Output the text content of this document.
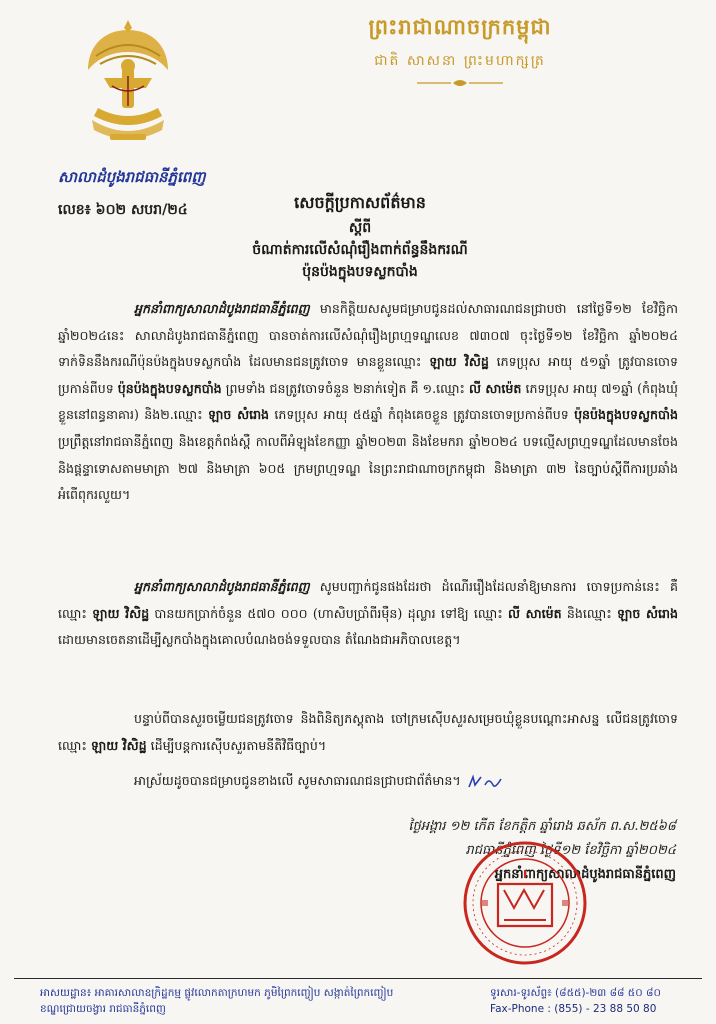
ព្រះរាជាណាចក្រកម្ពុជា
ជាតិ សាសនា ព្រះមហាក្សត្រ
សាលាដំបូងរាជធានីភ្នំពេញ
លេខ៖ ៦០២ សបរា/២៤	សេចក្ដីប្រកាសព័ត៌មាន
ស្ដីពី
ចំណាត់ការលើសំណុំរឿងពាក់ព័ន្ធនឹងករណី
ប៉ុនប៉ងក្នុងបទស្លកបាំង
អ្នកនាំពាក្យសាលាដំបូងរាជធានីភ្នំពេញ មានកិត្តិយសសូមជម្រាបជូនដល់សាធារណជនជ្រាបថា នៅថ្ងៃទី១២ ខែវិច្ឆិកា ឆ្នាំ២០២៤នេះ សាលាដំបូងរាជធានីភ្នំពេញ បានចាត់ការលើសំណុំរឿងព្រហ្មទណ្ឌលេខ ៧៣០៧ ចុះថ្ងៃទី១២ ខែវិច្ឆិកា ឆ្នាំ២០២៤ ទាក់ទិននឹងករណីប៉ុនប៉ងក្នុងបទស្លកបាំង ដែលមានជនត្រូវចោទ មានខ្លួនឈ្មោះ ឡាយ វិសិដ្ឋ ភេទប្រុស អាយុ ៥១ឆ្នាំ ត្រូវបានចោទប្រកាន់ពីបទ ប៉ុនប៉ងក្នុងបទស្លកបាំង ព្រមទាំង ជនត្រូវចោទចំនួន ២នាក់ទៀត គឺ ១.ឈ្មោះ លី សាម៉េត ភេទប្រុស អាយុ ៧១ឆ្នាំ (កំពុងឃុំខ្លួននៅពន្ធនាគារ) និង២.ឈ្មោះ ឡាច សំរោង ភេទប្រុស អាយុ ៥៥ឆ្នាំ កំពុងគេចខ្លួន ត្រូវបានចោទប្រកាន់ពីបទ ប៉ុនប៉ងក្នុងបទស្លកបាំង ប្រព្រឹត្តនៅរាជធានីភ្នំពេញ និងខេត្តកំពង់ស្ពឺ កាលពីអំឡុងខែកញ្ញា ឆ្នាំ២០២៣ និងខែមករា ឆ្នាំ២០២៤ បទល្មើសព្រហ្មទណ្ឌដែលមានចែង និងផ្ដន្ទាទោសតាមមាត្រា ២៧ និងមាត្រា ៦០៥ ក្រមព្រហ្មទណ្ឌ នៃព្រះរាជាណាចក្រកម្ពុជា និងមាត្រា ៣២ នៃច្បាប់ស្ដីពីការប្រឆាំងអំពើពុករលួយ។
អ្នកនាំពាក្យសាលាដំបូងរាជធានីភ្នំពេញ សូមបញ្ជាក់ជូនផងដែរថា ដំណើររឿងដែលនាំឱ្យមានការ ចោទប្រកាន់នេះ គឺ ឈ្មោះ ឡាយ វិសិដ្ឋ បានយកប្រាក់ចំនួន ៥៧០ ០០០ (ហាសិបប្រាំពីរម៉ឺន) ដុល្លារ ទៅឱ្យ ឈ្មោះ លី សាម៉េត និងឈ្មោះ ឡាច សំរោង ដោយមានចេតនាដើម្បីស្លកបាំងក្នុងគោលបំណងចង់ទទួលបាន តំណែងជាអភិបាលខេត្ត។
បន្ទាប់ពីបានសួរចម្លើយជនត្រូវចោទ និងពិនិត្យភស្ដុតាង ចៅក្រមស៊ើបសួរសម្រេចឃុំខ្លួនបណ្ដោះអាសន្ន លើជនត្រូវចោទឈ្មោះ ឡាយ វិសិដ្ឋ ដើម្បីបន្តការស៊ើបសួរតាមនីតិវិធីច្បាប់។
អាស្រ័យដូចបានជម្រាបជូនខាងលើ សូមសាធារណជនជ្រាបជាព័ត៌មាន។
ថ្ងៃអង្គារ ១២ កើត ខែកត្តិក ឆ្នាំរោង ឆស័ក ព.ស.២៥៦៨
រាជធានីភ្នំពេញ ថ្ងៃទី១២ ខែវិច្ឆិកា ឆ្នាំ២០២៤
អ្នកនាំពាក្យសាលាដំបូងរាជធានីភ្នំពេញ
អាសយដ្ឋាន៖ អាគារសាលាឧក្រិដ្ឋកម្ម ផ្លូវលោកតាក្រហមក ភូមិព្រៃកញ្ចៀប សង្កាត់ព្រៃកញ្ចៀប
ខណ្ឌជ្រោយចង្វារ រាជធានីភ្នំពេញ
ទូរសារ-ទូរស័ព្ទ៖ (៨៥៥)-២៣ ៨៨ ៥០ ៨០
Fax-Phone : (855) - 23 88 50 80
